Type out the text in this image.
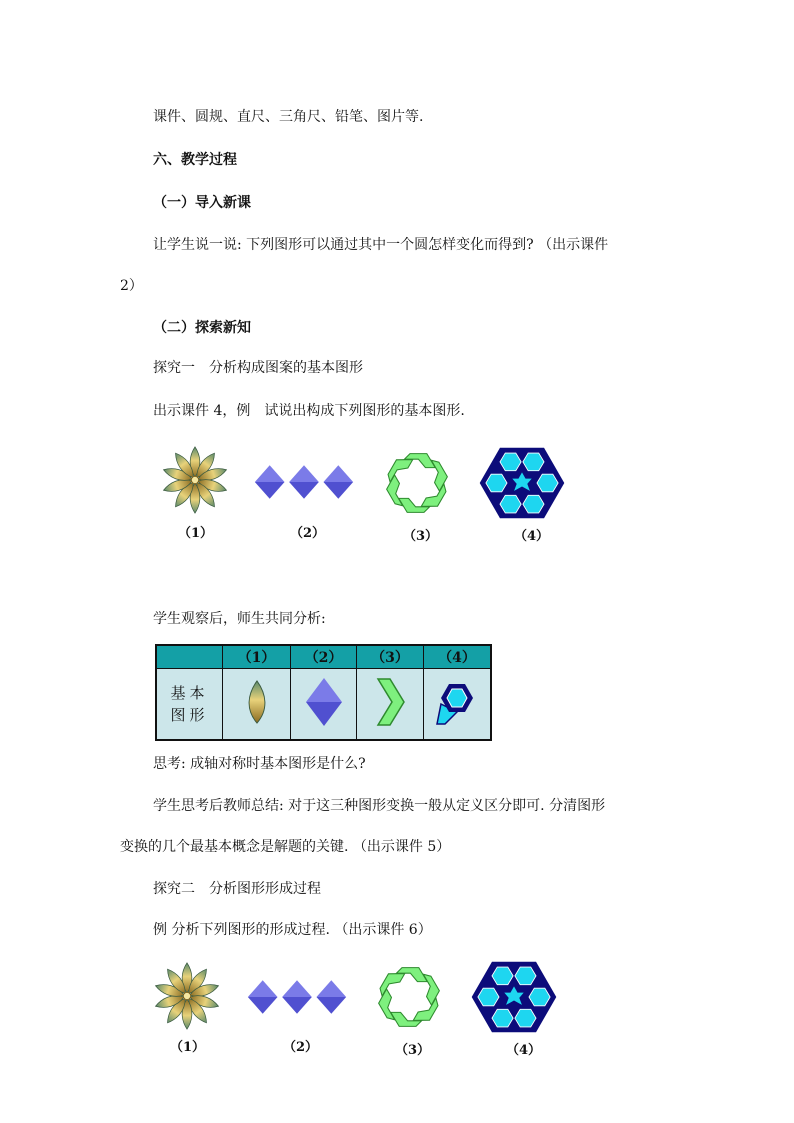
课件、圆规、直尺、三角尺、铅笔、图片等.
六、教学过程
（一）导入新课
让学生说一说: 下列图形可以通过其中一个圆怎样变化而得到? （出示课件
2）
（二）探索新知
探究一　分析构成图案的基本图形
出示课件 4，例　试说出构成下列图形的基本图形.
（1）	（2）	（3）	（4）
学生观察后，师生共同分析:
	（1）	（2）	（3）	（4）

基本
图形

思考: 成轴对称时基本图形是什么?
学生思考后教师总结: 对于这三种图形变换一般从定义区分即可. 分清图形
变换的几个最基本概念是解题的关键. （出示课件 5）
探究二　分析图形形成过程
例 分析下列图形的形成过程. （出示课件 6）
（1）	（2）	（3）	（4）
